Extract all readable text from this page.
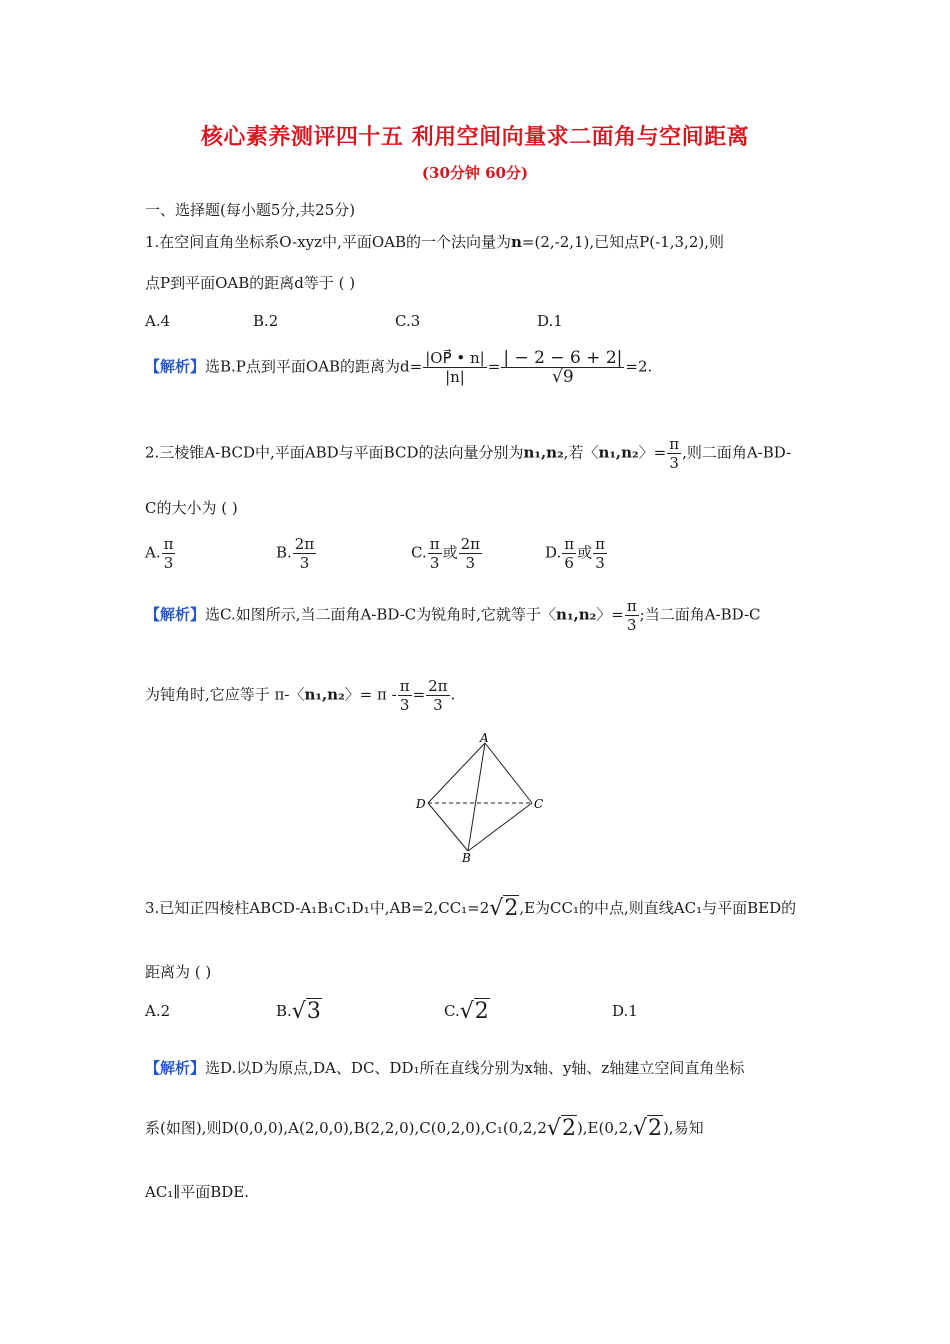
核心素养测评四十五 利用空间向量求二面角与空间距离
(30分钟 60分)
一、选择题(每小题5分,共25分)
1.在空间直角坐标系O-xyz中,平面OAB的一个法向量为n=(2,-2,1),已知点P(-1,3,2),则
点P到平面OAB的距离d等于 ( )
A.4	B.2	C.3	D.1
【解析】选B.P点到平面OAB的距离为$d= \frac{|OP⃗ • n|}{|n|} = \frac{| - 2 - 6 + 2|}{√9} =2$.
2.三棱锥A-BCD中,平面ABD与平面BCD的法向量分别为n₁,n₂,若〈n₁,n₂〉= $\frac{\pi}{3}$ ,则二面角A-BD-
C的大小为 ( )
A. $\frac{\pi}{3}$	B. $\frac{2\pi}{3}$	C. $\frac{\pi}{3}$ 或 $\frac{2\pi}{3}$	D. $\frac{\pi}{6}$ 或 $\frac{\pi}{3}$
【解析】选C.如图所示,当二面角A-BD-C为锐角时,它就等于〈n₁,n₂〉= $\frac{\pi}{3}$ ;当二面角A-BD-C
为钝角时,它应等于 π-〈n₁,n₂〉= $\pi - \frac{\pi}{3} = \frac{2\pi}{3}$ .
A
B
C
D
3.已知正四棱柱ABCD-A₁B₁C₁D₁中,AB=2,CC₁=2√2,E为CC₁的中点,则直线AC₁与平面BED的
距离为 ( )
A.2	B.√3	C.√2	D.1
【解析】选D.以D为原点,DA、DC、DD₁所在直线分别为x轴、y轴、z轴建立空间直角坐标
系(如图),则D(0,0,0),A(2,0,0),B(2,2,0),C(0,2,0),C₁(0,2,2√2),E(0,2,√2),易知
AC₁∥平面BDE.
